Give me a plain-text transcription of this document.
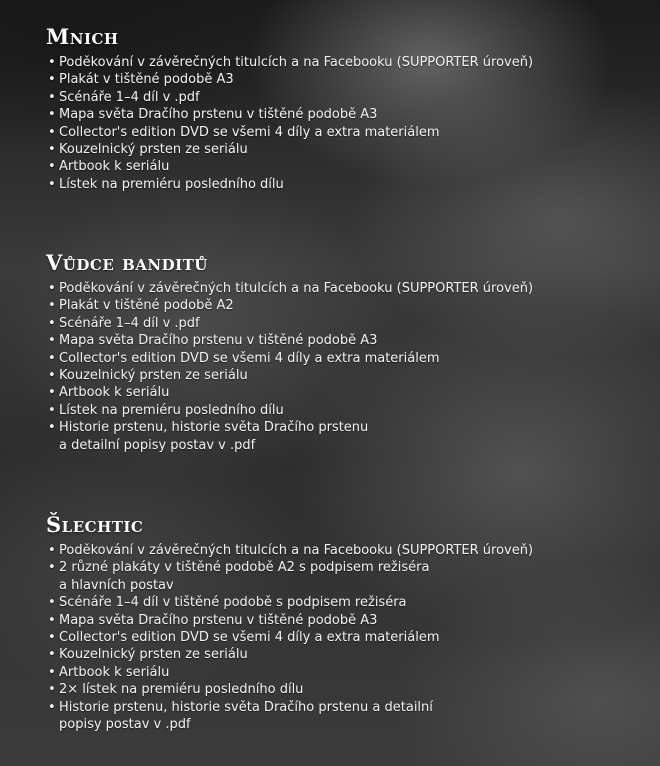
Mnich
• Poděkování v závěrečných titulcích a na Facebooku (SUPPORTER úroveň)
• Plakát v tištěné podobě A3
• Scénáře 1–4 díl v .pdf
• Mapa světa Dračího prstenu v tištěné podobě A3
• Collector's edition DVD se všemi 4 díly a extra materiálem
• Kouzelnický prsten ze seriálu
• Artbook k seriálu
• Lístek na premiéru posledního dílu
Vůdce banditů
• Poděkování v závěrečných titulcích a na Facebooku (SUPPORTER úroveň)
• Plakát v tištěné podobě A2
• Scénáře 1–4 díl v .pdf
• Mapa světa Dračího prstenu v tištěné podobě A3
• Collector's edition DVD se všemi 4 díly a extra materiálem
• Kouzelnický prsten ze seriálu
• Artbook k seriálu
• Lístek na premiéru posledního dílu
• Historie prstenu, historie světa Dračího prstenu
a detailní popisy postav v .pdf
Šlechtic
• Poděkování v závěrečných titulcích a na Facebooku (SUPPORTER úroveň)
• 2 různé plakáty v tištěné podobě A2 s podpisem režiséra
a hlavních postav
• Scénáře 1–4 díl v tištěné podobě s podpisem režiséra
• Mapa světa Dračího prstenu v tištěné podobě A3
• Collector's edition DVD se všemi 4 díly a extra materiálem
• Kouzelnický prsten ze seriálu
• Artbook k seriálu
• 2× lístek na premiéru posledního dílu
• Historie prstenu, historie světa Dračího prstenu a detailní
popisy postav v .pdf
